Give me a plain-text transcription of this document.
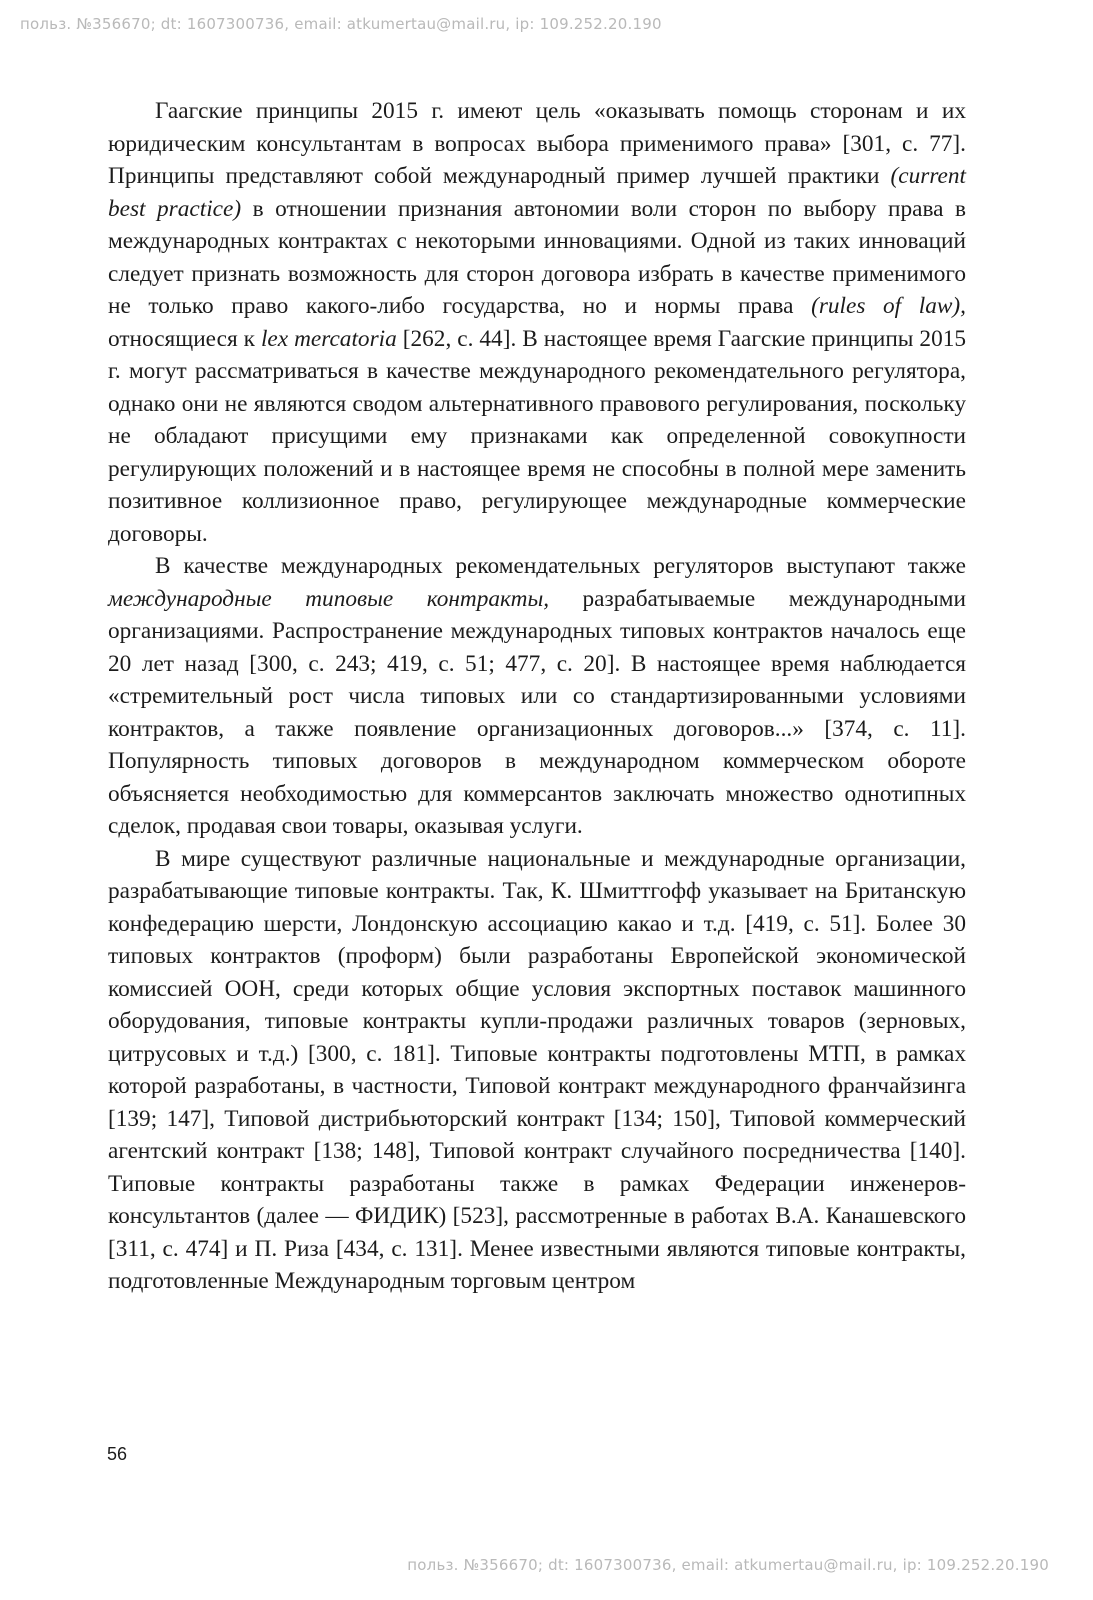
польз. №356670; dt: 1607300736, email: atkumertau@mail.ru, ip: 109.252.20.190

Гаагские принципы 2015 г. имеют цель «оказывать помощь сторонам и их юридическим консультантам в вопросах выбора применимого права» [301, с. 77]. Принципы представляют собой международный пример лучшей практики (current best practice) в отношении признания автономии воли сторон по выбору права в международных контрактах с некоторыми инновациями. Одной из таких инноваций следует признать возможность для сторон договора избрать в качестве применимого не только право какого-либо государства, но и нормы права (rules of law), относящиеся к lex mercatoria [262, с. 44]. В настоящее время Гаагские принципы 2015 г. могут рассматриваться в качестве международного рекомендательного регулятора, однако они не являются сводом альтернативного правового регулирования, поскольку не обладают присущими ему признаками как определенной совокупности регулирующих положений и в настоящее время не способны в полной мере заменить позитивное коллизионное право, регулирующее международные коммерческие договоры.

В качестве международных рекомендательных регуляторов выступают также международные типовые контракты, разрабатываемые международными организациями. Распространение международных типовых контрактов началось еще 20 лет назад [300, с. 243; 419, с. 51; 477, с. 20]. В настоящее время наблюдается «стремительный рост числа типовых или со стандартизированными условиями контрактов, а также появление организационных договоров...» [374, с. 11]. Популярность типовых договоров в международном коммерческом обороте объясняется необходимостью для коммерсантов заключать множество однотипных сделок, продавая свои товары, оказывая услуги.

В мире существуют различные национальные и международные организации, разрабатывающие типовые контракты. Так, К. Шмиттгофф указывает на Британскую конфедерацию шерсти, Лондонскую ассоциацию какао и т.д. [419, с. 51]. Более 30 типовых контрактов (проформ) были разработаны Европейской экономической комиссией ООН, среди которых общие условия экспортных поставок машинного оборудования, типовые контракты купли-продажи различных товаров (зерновых, цитрусовых и т.д.) [300, с. 181]. Типовые контракты подготовлены МТП, в рамках которой разработаны, в частности, Типовой контракт международного франчайзинга [139; 147], Типовой дистрибьюторский контракт [134; 150], Типовой коммерческий агентский контракт [138; 148], Типовой контракт случайного посредничества [140]. Типовые контракты разработаны также в рамках Федерации инженеров-консультантов (далее — ФИДИК) [523], рассмотренные в работах В.А. Канашевского [311, с. 474] и П. Риза [434, с. 131]. Менее известными являются типовые контракты, подготовленные Международным торговым центром

56
польз. №356670; dt: 1607300736, email: atkumertau@mail.ru, ip: 109.252.20.190
